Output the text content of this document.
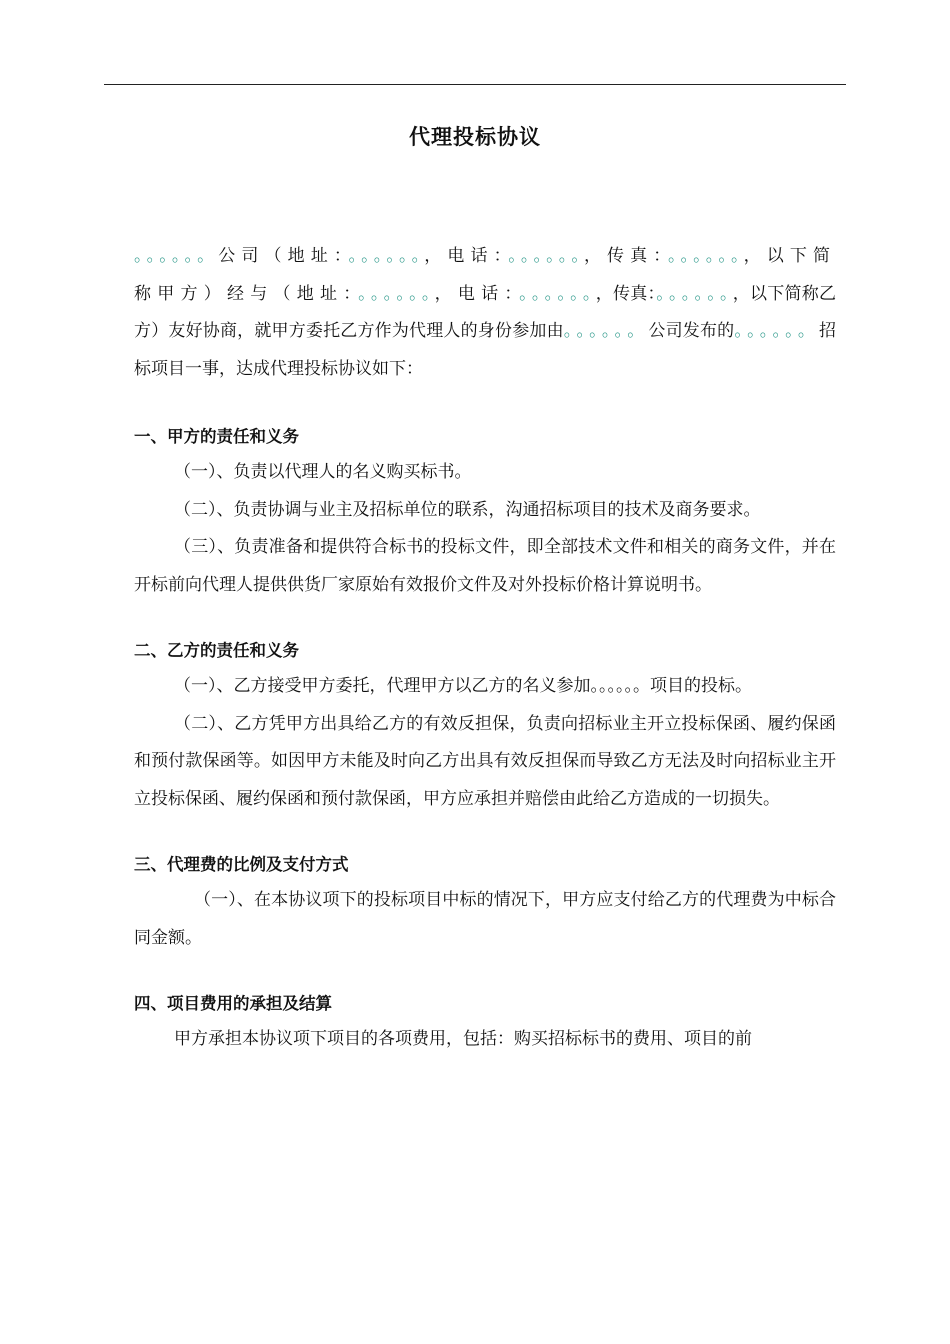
代理投标协议

。。。。。。公司（地址：。。。。。。，电话：。。。。。。，传真：。。。。。。，以下简称甲方）经与（地址：。。。。。。，电话：。。。。。。，传真：。。。。。。，以下简称乙方）友好协商，就甲方委托乙方作为代理人的身份参加由。。。。。。公司发布的。。。。。。招标项目一事，达成代理投标协议如下：

一、甲方的责任和义务

（一）、负责以代理人的名义购买标书。

（二）、负责协调与业主及招标单位的联系，沟通招标项目的技术及商务要求。

（三）、负责准备和提供符合标书的投标文件，即全部技术文件和相关的商务文件，并在开标前向代理人提供供货厂家原始有效报价文件及对外投标价格计算说明书。

二、乙方的责任和义务

（一）、乙方接受甲方委托，代理甲方以乙方的名义参加。。。。。。项目的投标。

（二）、乙方凭甲方出具给乙方的有效反担保，负责向招标业主开立投标保函、履约保函和预付款保函等。如因甲方未能及时向乙方出具有效反担保而导致乙方无法及时向招标业主开立投标保函、履约保函和预付款保函，甲方应承担并赔偿由此给乙方造成的一切损失。

三、代理费的比例及支付方式

（一）、在本协议项下的投标项目中标的情况下，甲方应支付给乙方的代理费为中标合同金额。

四、项目费用的承担及结算

甲方承担本协议项下项目的各项费用，包括：购买招标标书的费用、项目的前
